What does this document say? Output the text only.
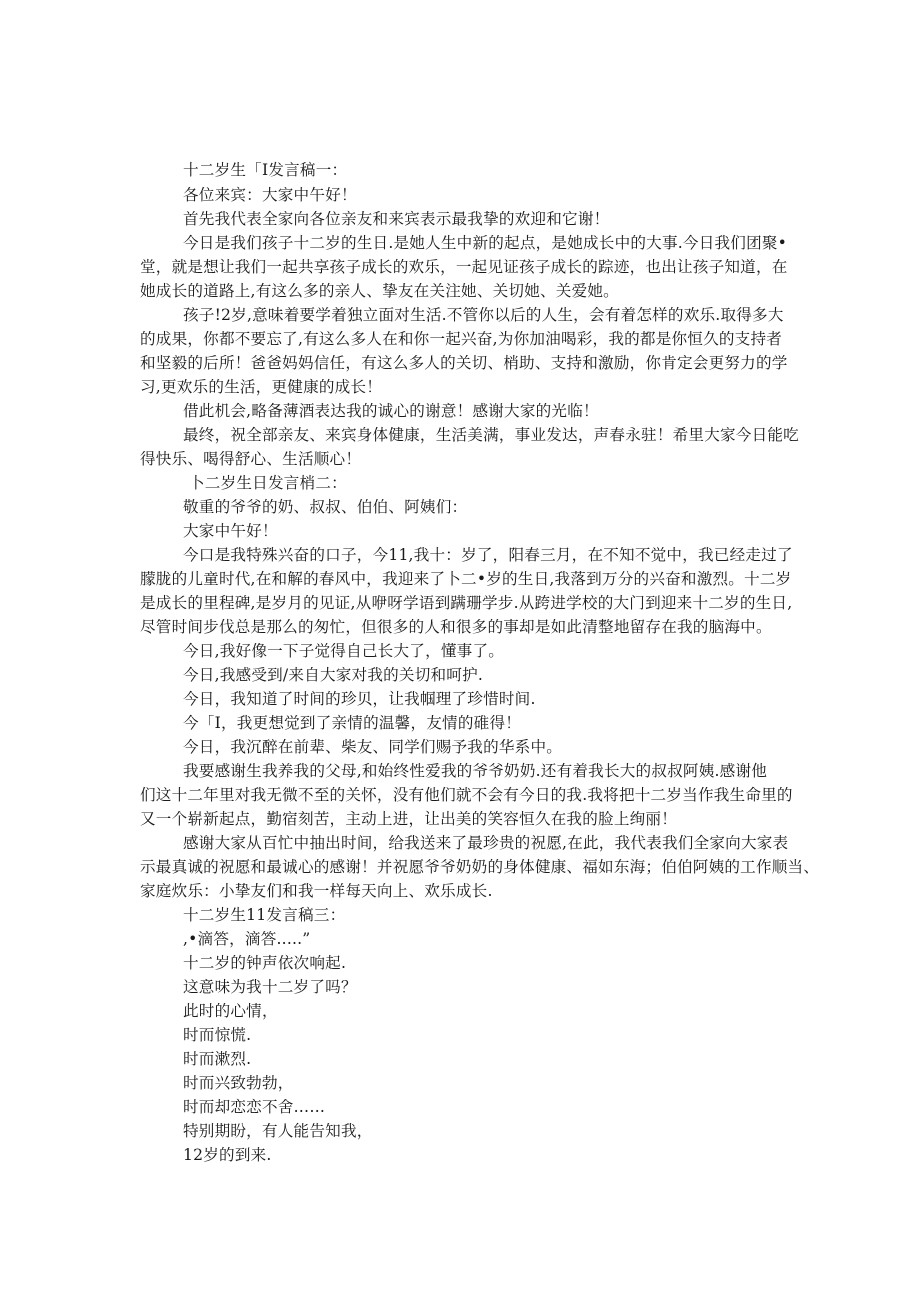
十二岁生「I发言稿一：
各位来宾：大家中午好！
首先我代表全家向各位亲友和来宾表示最我挚的欢迎和它谢！
今日是我们孩子十二岁的生日.是她人生中新的起点，是她成长中的大事.今日我们团聚•
堂，就是想让我们一起共享孩子成长的欢乐，一起见证孩子成长的踪迹，也出让孩子知道，在
她成长的道路上,有这么多的亲人、挚友在关注她、关切她、关爱她。
孩子!2岁,意味着要学着独立面对生活.不管你以后的人生，会有着怎样的欢乐.取得多大
的成果，你都不要忘了,有这么多人在和你一起兴奋,为你加油喝彩，我的都是你恒久的支持者
和坚毅的后所！爸爸妈妈信任，有这么多人的关切、梢助、支持和激励，你肯定会更努力的学
习,更欢乐的生活，更健康的成长！
借此机会,略备薄酒表达我的诚心的谢意！感谢大家的光临！
最终，祝全部亲友、来宾身体健康，生活美满，事业发达，声春永驻！希里大家今日能吃
得快乐、喝得舒心、生活顺心！
卜二岁生日发言梢二：
敬重的爷爷的奶、叔叔、伯伯、阿姨们：
大家中午好！
今口是我特殊兴奋的口子，今11,我十：岁了，阳春三月，在不知不觉中，我已经走过了
朦胧的儿童时代,在和解的春风中，我迎来了卜二•岁的生日,我落到万分的兴奋和激烈。十二岁
是成长的里程碑,是岁月的见证,从咿呀学语到蹒珊学步.从跨进学校的大门到迎来十二岁的生日,
尽管时间步伐总是那么的匆忙，但很多的人和很多的事却是如此清整地留存在我的脑海中。
今日,我好像一下子觉得自己长大了，懂事了。
今日,我感受到/来自大家对我的关切和呵护.
今日，我知道了时间的珍贝，让我帼理了珍惜时间.
今「I，我更想觉到了亲情的温馨，友情的碓得！
今日，我沉醉在前辈、柴友、同学们赐予我的华系中。
我要感谢生我养我的父母,和始终性爱我的爷爷奶奶.还有着我长大的叔叔阿姨.感谢他
们这十二年里对我无微不至的关怀，没有他们就不会有今日的我.我将把十二岁当作我生命里的
又一个崭新起点，勤宿刻苦，主动上进，让出美的笑容恒久在我的脸上绚丽！
感谢大家从百忙中抽出时间，给我送来了最珍贵的祝愿,在此，我代表我们全家向大家表
示最真诚的祝愿和最诚心的感谢！并祝愿爷爷奶奶的身体健康、福如东海；伯伯阿姨的工作顺当、
家庭炊乐：小挚友们和我一样每天向上、欢乐成长.
十二岁生11发言稿三：
,•滴答，滴答.....”
十二岁的钟声依次响起.
这意味为我十二岁了吗？
此时的心情，
时而惊慌.
时而漱烈.
时而兴致勃勃，
时而却恋恋不舍……
特别期盼，有人能告知我，
12岁的到来.
